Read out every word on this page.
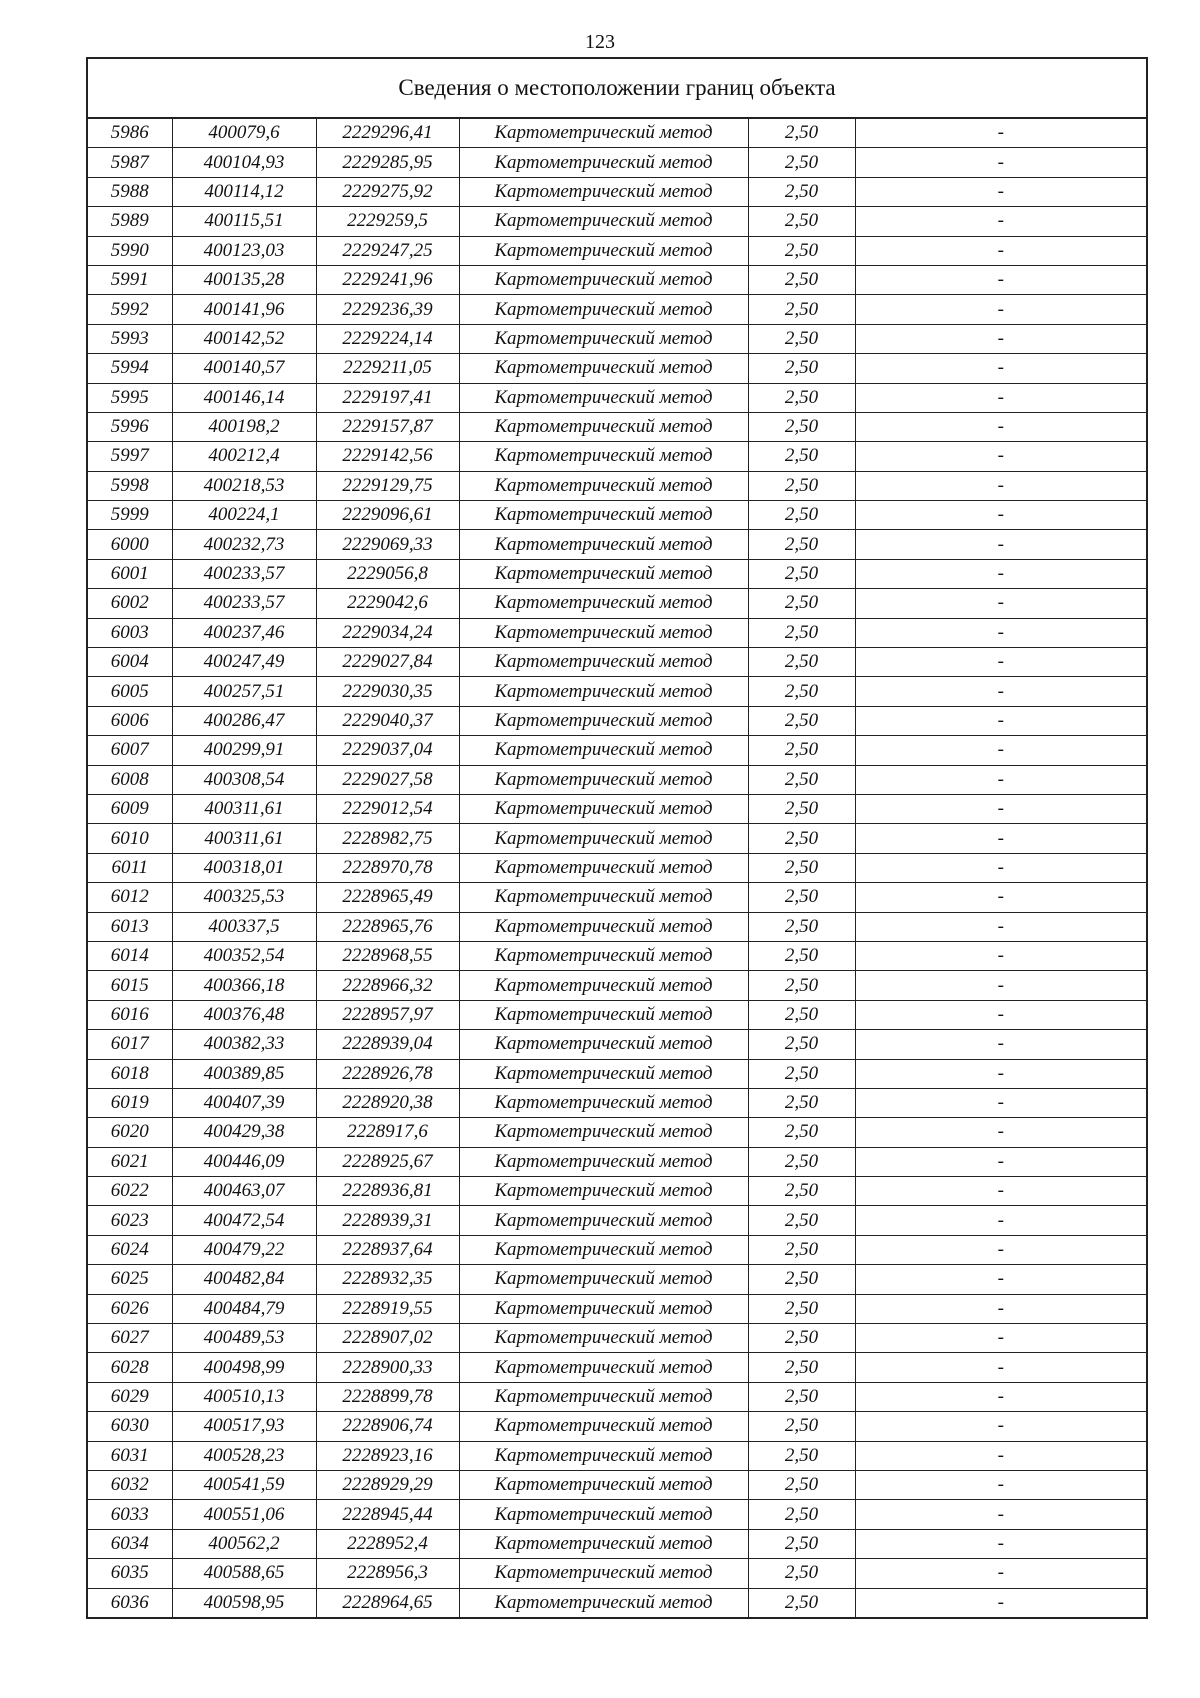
123
Сведения о местоположении границ объекта					
5986	400079,6	2229296,41	Картометрический метод	2,50	-
5987	400104,93	2229285,95	Картометрический метод	2,50	-
5988	400114,12	2229275,92	Картометрический метод	2,50	-
5989	400115,51	2229259,5	Картометрический метод	2,50	-
5990	400123,03	2229247,25	Картометрический метод	2,50	-
5991	400135,28	2229241,96	Картометрический метод	2,50	-
5992	400141,96	2229236,39	Картометрический метод	2,50	-
5993	400142,52	2229224,14	Картометрический метод	2,50	-
5994	400140,57	2229211,05	Картометрический метод	2,50	-
5995	400146,14	2229197,41	Картометрический метод	2,50	-
5996	400198,2	2229157,87	Картометрический метод	2,50	-
5997	400212,4	2229142,56	Картометрический метод	2,50	-
5998	400218,53	2229129,75	Картометрический метод	2,50	-
5999	400224,1	2229096,61	Картометрический метод	2,50	-
6000	400232,73	2229069,33	Картометрический метод	2,50	-
6001	400233,57	2229056,8	Картометрический метод	2,50	-
6002	400233,57	2229042,6	Картометрический метод	2,50	-
6003	400237,46	2229034,24	Картометрический метод	2,50	-
6004	400247,49	2229027,84	Картометрический метод	2,50	-
6005	400257,51	2229030,35	Картометрический метод	2,50	-
6006	400286,47	2229040,37	Картометрический метод	2,50	-
6007	400299,91	2229037,04	Картометрический метод	2,50	-
6008	400308,54	2229027,58	Картометрический метод	2,50	-
6009	400311,61	2229012,54	Картометрический метод	2,50	-
6010	400311,61	2228982,75	Картометрический метод	2,50	-
6011	400318,01	2228970,78	Картометрический метод	2,50	-
6012	400325,53	2228965,49	Картометрический метод	2,50	-
6013	400337,5	2228965,76	Картометрический метод	2,50	-
6014	400352,54	2228968,55	Картометрический метод	2,50	-
6015	400366,18	2228966,32	Картометрический метод	2,50	-
6016	400376,48	2228957,97	Картометрический метод	2,50	-
6017	400382,33	2228939,04	Картометрический метод	2,50	-
6018	400389,85	2228926,78	Картометрический метод	2,50	-
6019	400407,39	2228920,38	Картометрический метод	2,50	-
6020	400429,38	2228917,6	Картометрический метод	2,50	-
6021	400446,09	2228925,67	Картометрический метод	2,50	-
6022	400463,07	2228936,81	Картометрический метод	2,50	-
6023	400472,54	2228939,31	Картометрический метод	2,50	-
6024	400479,22	2228937,64	Картометрический метод	2,50	-
6025	400482,84	2228932,35	Картометрический метод	2,50	-
6026	400484,79	2228919,55	Картометрический метод	2,50	-
6027	400489,53	2228907,02	Картометрический метод	2,50	-
6028	400498,99	2228900,33	Картометрический метод	2,50	-
6029	400510,13	2228899,78	Картометрический метод	2,50	-
6030	400517,93	2228906,74	Картометрический метод	2,50	-
6031	400528,23	2228923,16	Картометрический метод	2,50	-
6032	400541,59	2228929,29	Картометрический метод	2,50	-
6033	400551,06	2228945,44	Картометрический метод	2,50	-
6034	400562,2	2228952,4	Картометрический метод	2,50	-
6035	400588,65	2228956,3	Картометрический метод	2,50	-
6036	400598,95	2228964,65	Картометрический метод	2,50	-
